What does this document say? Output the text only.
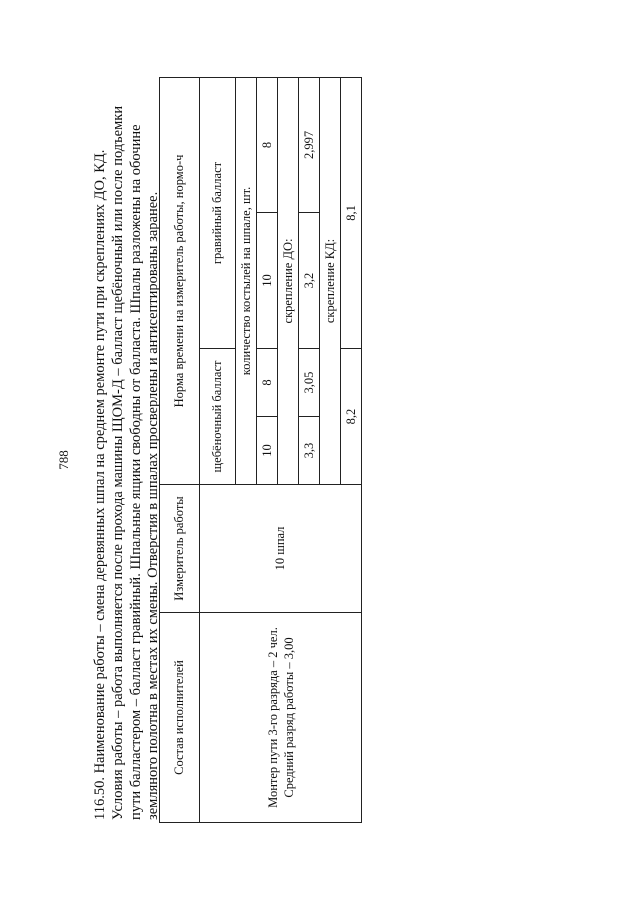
788 116.50. Наименование работы – смена деревянных шпал на среднем ремонте пути при скреплениях ДО, КД. Условия работы – работа выполняется после прохода машины ЩОМ-Д – балласт щебёночный или после подъемки пути балластером – балласт гравийный. Шпальные ящики свободны от балласта. Шпалы разложены на обочине земляного полотна в местах их смены. Отверстия в шпалах просверлены и антисептированы заранее. Состав исполнителей	Измеритель работы	Норма времени на измеритель работы, нормо-ч			

Монтер пути 3-го разряда – 2 чел. Средний разряд работы – 3,00	10 шпал	щебёночный балласт		гравийный балласт	
		количество костылей на шпале, шт.			
		10	8	10	8
		скрепление ДО:			
		3,3	3,05	3,2	2,997
		скрепление КД:			
		8,2		8,1	
